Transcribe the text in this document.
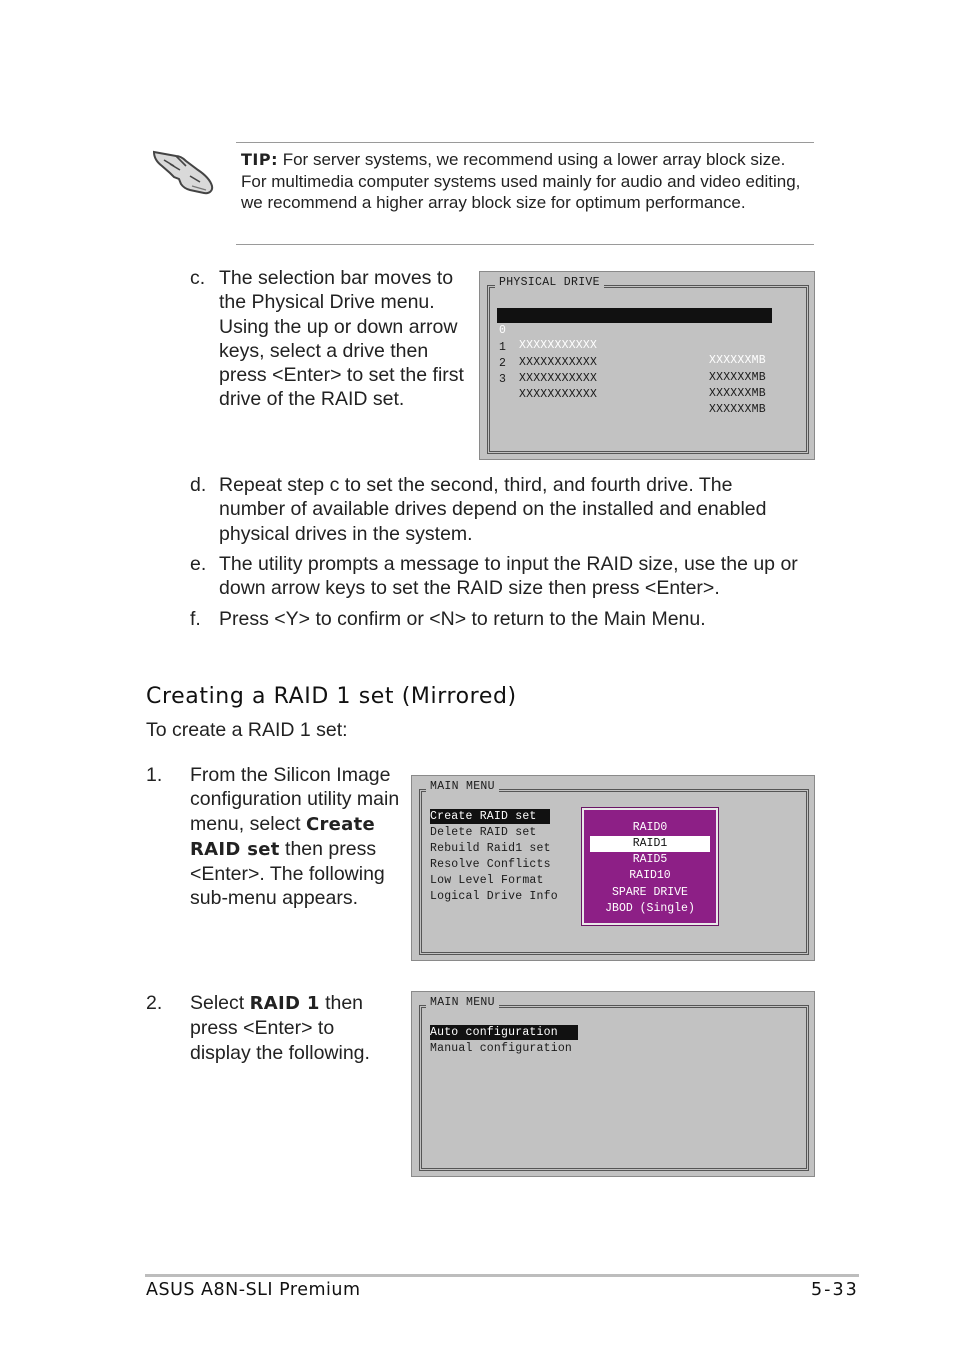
TIP: For server systems, we recommend using a lower array block size. For multimedia computer systems used mainly for audio and video editing, we recommend a higher array block size for optimum performance.
c. The selection bar moves to the Physical Drive menu. Using the up or down arrow keys, select a drive then press <Enter> to set the first drive of the RAID set.
PHYSICAL DRIVE

0

XXXXXXXXXXX

XXXXXXMB

1

XXXXXXXXXXX

XXXXXXMB

2

XXXXXXXXXXX

XXXXXXMB

3

XXXXXXXXXXX

XXXXXXMB

d. Repeat step c to set the second, third, and fourth drive. The number of available drives depend on the installed and enabled physical drives in the system.
e. The utility prompts a message to input the RAID size, use the up or down arrow keys to set the RAID size then press <Enter>.
f. Press <Y> to confirm or <N> to return to the Main Menu.
Creating a RAID 1 set (Mirrored)
To create a RAID 1 set:
1. From the Silicon Image configuration utility main menu, select Create RAID set then press <Enter>. The following sub-menu appears.
MAIN MENU
Create RAID set
Delete RAID set
Rebuild Raid1 set
Resolve Conflicts
Low Level Format
Logical Drive Info
RAID0
RAID1
RAID5
RAID10
SPARE DRIVE
JBOD (Single)
2. Select RAID 1 then press <Enter> to display the following.
MAIN MENU
Auto configuration
Manual configuration
ASUS A8N-SLI Premium	5-33
